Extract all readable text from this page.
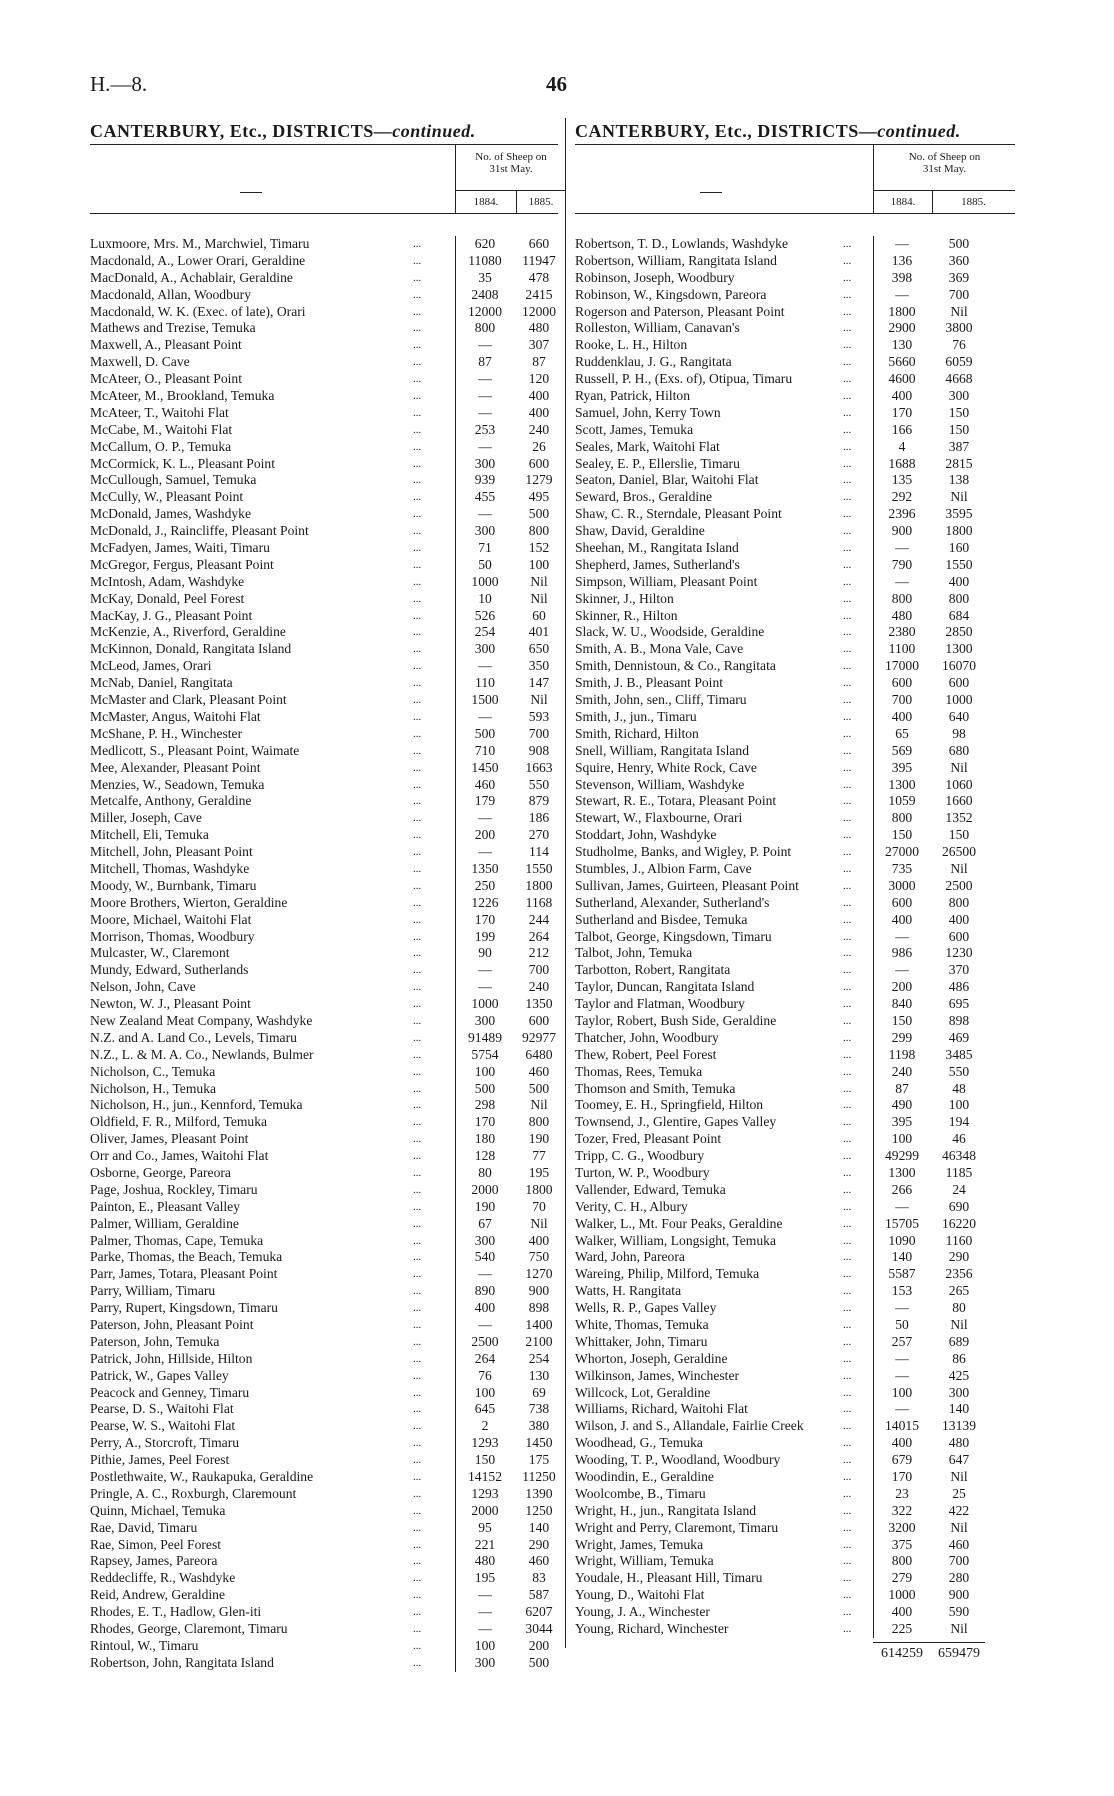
H.—8.	46
CANTERBURY, Etc., DISTRICTS—continued.
No. of Sheep on
31st May.
1884.	1885.
Luxmoore, Mrs. M., Marchwiel, Timaru	...	620	660
Macdonald, A., Lower Orari, Geraldine	...	11080	11947
MacDonald, A., Achablair, Geraldine	...	35	478
Macdonald, Allan, Woodbury	...	2408	2415
Macdonald, W. K. (Exec. of late), Orari	...	12000	12000
Mathews and Trezise, Temuka	...	800	480
Maxwell, A., Pleasant Point	...	—	307
Maxwell, D. Cave	...	87	87
McAteer, O., Pleasant Point	...	—	120
McAteer, M., Brookland, Temuka	...	—	400
McAteer, T., Waitohi Flat	...	—	400
McCabe, M., Waitohi Flat	...	253	240
McCallum, O. P., Temuka	...	—	26
McCormick, K. L., Pleasant Point	...	300	600
McCullough, Samuel, Temuka	...	939	1279
McCully, W., Pleasant Point	...	455	495
McDonald, James, Washdyke	...	—	500
McDonald, J., Raincliffe, Pleasant Point	...	300	800
McFadyen, James, Waiti, Timaru	...	71	152
McGregor, Fergus, Pleasant Point	...	50	100
McIntosh, Adam, Washdyke	...	1000	Nil
McKay, Donald, Peel Forest	...	10	Nil
MacKay, J. G., Pleasant Point	...	526	60
McKenzie, A., Riverford, Geraldine	...	254	401
McKinnon, Donald, Rangitata Island	...	300	650
McLeod, James, Orari	...	—	350
McNab, Daniel, Rangitata	...	110	147
McMaster and Clark, Pleasant Point	...	1500	Nil
McMaster, Angus, Waitohi Flat	...	—	593
McShane, P. H., Winchester	...	500	700
Medlicott, S., Pleasant Point, Waimate	...	710	908
Mee, Alexander, Pleasant Point	...	1450	1663
Menzies, W., Seadown, Temuka	...	460	550
Metcalfe, Anthony, Geraldine	...	179	879
Miller, Joseph, Cave	...	—	186
Mitchell, Eli, Temuka	...	200	270
Mitchell, John, Pleasant Point	...	—	114
Mitchell, Thomas, Washdyke	...	1350	1550
Moody, W., Burnbank, Timaru	...	250	1800
Moore Brothers, Wierton, Geraldine	...	1226	1168
Moore, Michael, Waitohi Flat	...	170	244
Morrison, Thomas, Woodbury	...	199	264
Mulcaster, W., Claremont	...	90	212
Mundy, Edward, Sutherlands	...	—	700
Nelson, John, Cave	...	—	240
Newton, W. J., Pleasant Point	...	1000	1350
New Zealand Meat Company, Washdyke	...	300	600
N.Z. and A. Land Co., Levels, Timaru	...	91489	92977
N.Z., L. & M. A. Co., Newlands, Bulmer	...	5754	6480
Nicholson, C., Temuka	...	100	460
Nicholson, H., Temuka	...	500	500
Nicholson, H., jun., Kennford, Temuka	...	298	Nil
Oldfield, F. R., Milford, Temuka	...	170	800
Oliver, James, Pleasant Point	...	180	190
Orr and Co., James, Waitohi Flat	...	128	77
Osborne, George, Pareora	...	80	195
Page, Joshua, Rockley, Timaru	...	2000	1800
Painton, E., Pleasant Valley	...	190	70
Palmer, William, Geraldine	...	67	Nil
Palmer, Thomas, Cape, Temuka	...	300	400
Parke, Thomas, the Beach, Temuka	...	540	750
Parr, James, Totara, Pleasant Point	...	—	1270
Parry, William, Timaru	...	890	900
Parry, Rupert, Kingsdown, Timaru	...	400	898
Paterson, John, Pleasant Point	...	—	1400
Paterson, John, Temuka	...	2500	2100
Patrick, John, Hillside, Hilton	...	264	254
Patrick, W., Gapes Valley	...	76	130
Peacock and Genney, Timaru	...	100	69
Pearse, D. S., Waitohi Flat	...	645	738
Pearse, W. S., Waitohi Flat	...	2	380
Perry, A., Storcroft, Timaru	...	1293	1450
Pithie, James, Peel Forest	...	150	175
Postlethwaite, W., Raukapuka, Geraldine	...	14152	11250
Pringle, A. C., Roxburgh, Claremount	...	1293	1390
Quinn, Michael, Temuka	...	2000	1250
Rae, David, Timaru	...	95	140
Rae, Simon, Peel Forest	...	221	290
Rapsey, James, Pareora	...	480	460
Reddecliffe, R., Washdyke	...	195	83
Reid, Andrew, Geraldine	...	—	587
Rhodes, E. T., Hadlow, Glen-iti	...	—	6207
Rhodes, George, Claremont, Timaru	...	—	3044
Rintoul, W., Timaru	...	100	200
Robertson, John, Rangitata Island	...	300	500
CANTERBURY, Etc., DISTRICTS—continued.
No. of Sheep on
31st May.
1884.	1885.
Robertson, T. D., Lowlands, Washdyke	...	—	500
Robertson, William, Rangitata Island	...	136	360
Robinson, Joseph, Woodbury	...	398	369
Robinson, W., Kingsdown, Pareora	...	—	700
Rogerson and Paterson, Pleasant Point	...	1800	Nil
Rolleston, William, Canavan's	...	2900	3800
Rooke, L. H., Hilton	...	130	76
Ruddenklau, J. G., Rangitata	...	5660	6059
Russell, P. H., (Exs. of), Otipua, Timaru	...	4600	4668
Ryan, Patrick, Hilton	...	400	300
Samuel, John, Kerry Town	...	170	150
Scott, James, Temuka	...	166	150
Seales, Mark, Waitohi Flat	...	4	387
Sealey, E. P., Ellerslie, Timaru	...	1688	2815
Seaton, Daniel, Blar, Waitohi Flat	...	135	138
Seward, Bros., Geraldine	...	292	Nil
Shaw, C. R., Sterndale, Pleasant Point	...	2396	3595
Shaw, David, Geraldine	...	900	1800
Sheehan, M., Rangitata Island	...	—	160
Shepherd, James, Sutherland's	...	790	1550
Simpson, William, Pleasant Point	...	—	400
Skinner, J., Hilton	...	800	800
Skinner, R., Hilton	...	480	684
Slack, W. U., Woodside, Geraldine	...	2380	2850
Smith, A. B., Mona Vale, Cave	...	1100	1300
Smith, Dennistoun, & Co., Rangitata	...	17000	16070
Smith, J. B., Pleasant Point	...	600	600
Smith, John, sen., Cliff, Timaru	...	700	1000
Smith, J., jun., Timaru	...	400	640
Smith, Richard, Hilton	...	65	98
Snell, William, Rangitata Island	...	569	680
Squire, Henry, White Rock, Cave	...	395	Nil
Stevenson, William, Washdyke	...	1300	1060
Stewart, R. E., Totara, Pleasant Point	...	1059	1660
Stewart, W., Flaxbourne, Orari	...	800	1352
Stoddart, John, Washdyke	...	150	150
Studholme, Banks, and Wigley, P. Point	...	27000	26500
Stumbles, J., Albion Farm, Cave	...	735	Nil
Sullivan, James, Guirteen, Pleasant Point	...	3000	2500
Sutherland, Alexander, Sutherland's	...	600	800
Sutherland and Bisdee, Temuka	...	400	400
Talbot, George, Kingsdown, Timaru	...	—	600
Talbot, John, Temuka	...	986	1230
Tarbotton, Robert, Rangitata	...	—	370
Taylor, Duncan, Rangitata Island	...	200	486
Taylor and Flatman, Woodbury	...	840	695
Taylor, Robert, Bush Side, Geraldine	...	150	898
Thatcher, John, Woodbury	...	299	469
Thew, Robert, Peel Forest	...	1198	3485
Thomas, Rees, Temuka	...	240	550
Thomson and Smith, Temuka	...	87	48
Toomey, E. H., Springfield, Hilton	...	490	100
Townsend, J., Glentire, Gapes Valley	...	395	194
Tozer, Fred, Pleasant Point	...	100	46
Tripp, C. G., Woodbury	...	49299	46348
Turton, W. P., Woodbury	...	1300	1185
Vallender, Edward, Temuka	...	266	24
Verity, C. H., Albury	...	—	690
Walker, L., Mt. Four Peaks, Geraldine	...	15705	16220
Walker, William, Longsight, Temuka	...	1090	1160
Ward, John, Pareora	...	140	290
Wareing, Philip, Milford, Temuka	...	5587	2356
Watts, H. Rangitata	...	153	265
Wells, R. P., Gapes Valley	...	—	80
White, Thomas, Temuka	...	50	Nil
Whittaker, John, Timaru	...	257	689
Whorton, Joseph, Geraldine	...	—	86
Wilkinson, James, Winchester	...	—	425
Willcock, Lot, Geraldine	...	100	300
Williams, Richard, Waitohi Flat	...	—	140
Wilson, J. and S., Allandale, Fairlie Creek	...	14015	13139
Woodhead, G., Temuka	...	400	480
Wooding, T. P., Woodland, Woodbury	...	679	647
Woodindin, E., Geraldine	...	170	Nil
Woolcombe, B., Timaru	...	23	25
Wright, H., jun., Rangitata Island	...	322	422
Wright and Perry, Claremont, Timaru	...	3200	Nil
Wright, James, Temuka	...	375	460
Wright, William, Temuka	...	800	700
Youdale, H., Pleasant Hill, Timaru	...	279	280
Young, D., Waitohi Flat	...	1000	900
Young, J. A., Winchester	...	400	590
Young, Richard, Winchester	...	225	Nil
614259	659479
